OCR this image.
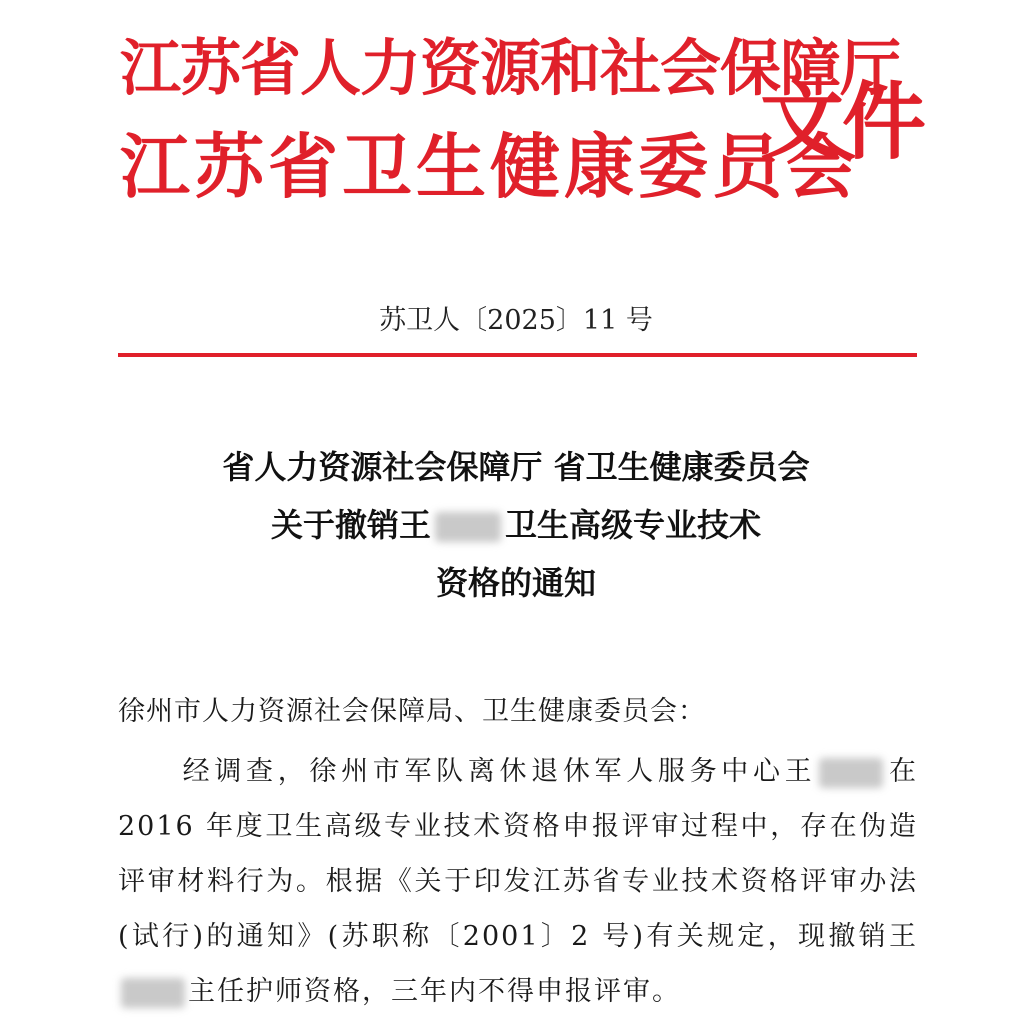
江苏省人力资源和社会保障厅
江苏省卫生健康委员会
文件
苏卫人〔2025〕11 号
省人力资源社会保障厅 省卫生健康委员会
关于撤销王 卫生高级专业技术
资格的通知

徐州市人力资源社会保障局、卫生健康委员会：

经调查，徐州市军队离休退休军人服务中心王	在 2016 年度卫生高级专业技术资格申报评审过程中，存在伪造评审材料行为。根据《关于印发江苏省专业技术资格评审办法(试行)的通知》(苏职称〔2001〕2 号)有关规定，现撤销王主任护师资格，三年内不得申报评审。
